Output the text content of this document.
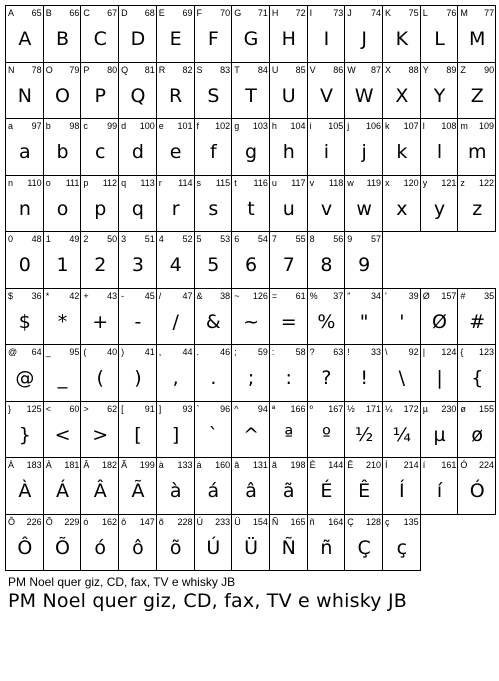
A 65
A
B 66
B
C 67
C
D 68
D
E 69
E
F 70
F
G 71
G
H 72
H
I 73
I
J 74
J
K 75
K
L 76
L
M 77
M
N 78
N
O 79
O
P 80
P
Q 81
Q
R 82
R
S 83
S
T 84
T
U 85
U
V 86
V
W 87
W
X 88
X
Y 89
Y
Z 90
Z
a 97
a
b 98
b
c 99
c
d 100
d
e 101
e
f 102
f
g 103
g
h 104
h
i 105
i
j 106
j
k 107
k
l 108
l
m 109
m
n 110
n
o 111
o
p 112
p
q 113
q
r 114
r
s 115
s
t 116
t
u 117
u
v 118
v
w 119
w
x 120
x
y 121
y
z 122
z
0 48
0
1 49
1
2 50
2
3 51
3
4 52
4
5 53
5
6 54
6
7 55
7
8 56
8
9 57
9
$ 36
$
* 42
*
+ 43
+
- 45
-
/ 47
/
& 38
&
~ 126
~
= 61
=
% 37
%
" 34
"
' 39
'
Ø 157
Ø
# 35
#
@ 64
@
_ 95
_
( 40
(
) 41
)
, 44
,
. 46
.
; 59
;
: 58
:
? 63
?
! 33
!
\ 92
\
| 124
|
{ 123
{
} 125
}
< 60
<
> 62
>
[ 91
[
] 93
]
` 96
`
^ 94
^
ª 166
ª
º 167
º
½ 171
½
¼ 172
¼
µ 230
µ
ø 155
ø
À 183
À
Á 181
Á
Â 182
Â
Ã 199
Ã
à 133
à
á 160
á
â 131
â
ã 198
ã
É 144
É
Ê 210
Ê
Í 214
Í
í 161
í
Ó 224
Ó
Ô 226
Ô
Õ 229
Õ
ó 162
ó
ô 147
ô
õ 228
õ
Ú 233
Ú
Ü 154
Ü
Ñ 165
Ñ
ñ 164
ñ
Ç 128
Ç
ç 135
ç
PM Noel quer giz, CD, fax, TV e whisky JB
PM Noel quer giz, CD, fax, TV e whisky JB
